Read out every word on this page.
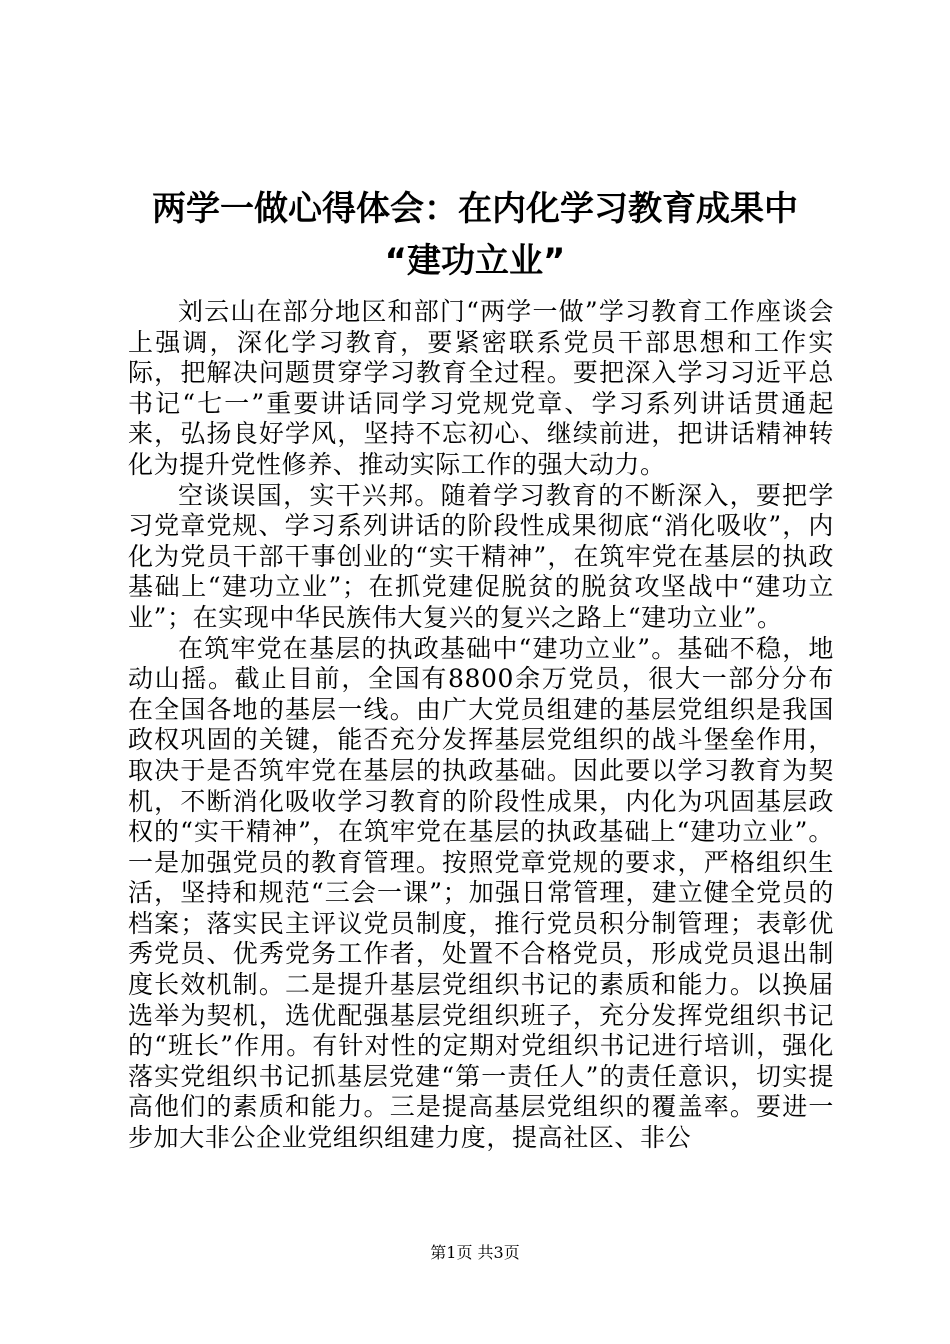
两学一做心得体会：在内化学习教育成果中
“建功立业”

刘云山在部分地区和部门“两学一做”学习教育工作座谈会上强调，深化学习教育，要紧密联系党员干部思想和工作实际，把解决问题贯穿学习教育全过程。要把深入学习习近平总书记“七一”重要讲话同学习党规党章、学习系列讲话贯通起来，弘扬良好学风，坚持不忘初心、继续前进，把讲话精神转化为提升党性修养、推动实际工作的强大动力。

空谈误国，实干兴邦。随着学习教育的不断深入，要把学习党章党规、学习系列讲话的阶段性成果彻底“消化吸收”，内化为党员干部干事创业的“实干精神”，在筑牢党在基层的执政基础上“建功立业”；在抓党建促脱贫的脱贫攻坚战中“建功立业”；在实现中华民族伟大复兴的复兴之路上“建功立业”。

在筑牢党在基层的执政基础中“建功立业”。基础不稳，地动山摇。截止目前，全国有8800余万党员，很大一部分分布在全国各地的基层一线。由广大党员组建的基层党组织是我国政权巩固的关键，能否充分发挥基层党组织的战斗堡垒作用，取决于是否筑牢党在基层的执政基础。因此要以学习教育为契机，不断消化吸收学习教育的阶段性成果，内化为巩固基层政权的“实干精神”，在筑牢党在基层的执政基础上“建功立业”。一是加强党员的教育管理。按照党章党规的要求，严格组织生活，坚持和规范“三会一课”；加强日常管理，建立健全党员的档案；落实民主评议党员制度，推行党员积分制管理；表彰优秀党员、优秀党务工作者，处置不合格党员，形成党员退出制度长效机制。二是提升基层党组织书记的素质和能力。以换届选举为契机，选优配强基层党组织班子，充分发挥党组织书记的“班长”作用。有针对性的定期对党组织书记进行培训，强化落实党组织书记抓基层党建“第一责任人”的责任意识，切实提高他们的素质和能力。三是提高基层党组织的覆盖率。要进一步加大非公企业党组织组建力度，提高社区、非公

第1页 共3页
